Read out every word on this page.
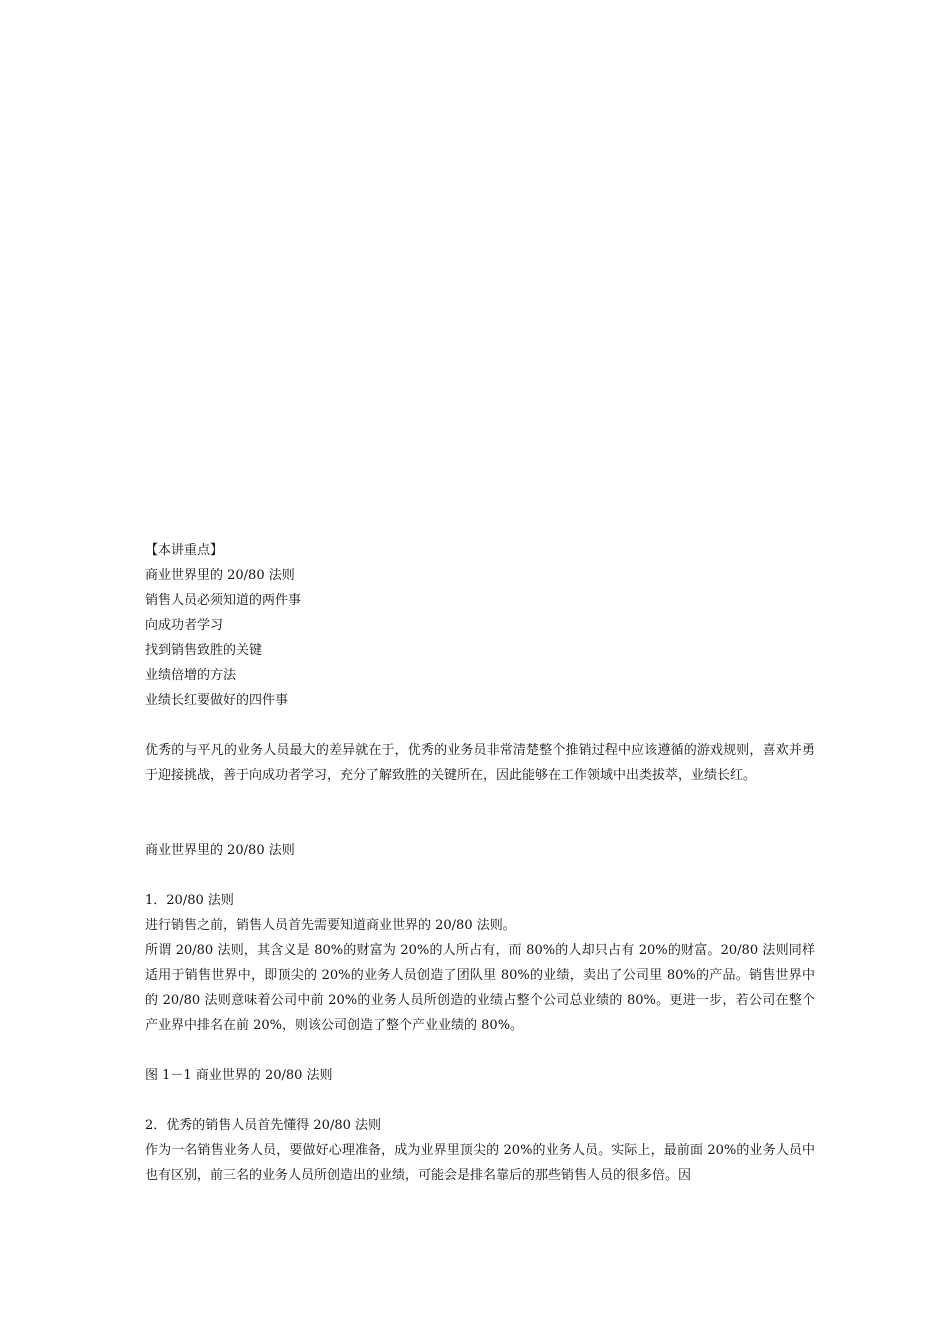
【本讲重点】
商业世界里的 20/80 法则
销售人员必须知道的两件事
向成功者学习
找到销售致胜的关键
业绩倍增的方法
业绩长红要做好的四件事
优秀的与平凡的业务人员最大的差异就在于，优秀的业务员非常清楚整个推销过程中应该遵循的游戏规则，喜欢并勇于迎接挑战，善于向成功者学习，充分了解致胜的关键所在，因此能够在工作领域中出类拔萃，业绩长红。
商业世界里的 20/80 法则
1．20/80 法则
进行销售之前，销售人员首先需要知道商业世界的 20/80 法则。
所谓 20/80 法则，其含义是 80%的财富为 20%的人所占有，而 80%的人却只占有 20%的财富。20/80 法则同样适用于销售世界中，即顶尖的 20%的业务人员创造了团队里 80%的业绩，卖出了公司里 80%的产品。销售世界中的 20/80 法则意味着公司中前 20%的业务人员所创造的业绩占整个公司总业绩的 80%。更进一步，若公司在整个产业界中排名在前 20%，则该公司创造了整个产业业绩的 80%。
图 1－1 商业世界的 20/80 法则
2．优秀的销售人员首先懂得 20/80 法则
作为一名销售业务人员，要做好心理准备，成为业界里顶尖的 20%的业务人员。实际上，最前面 20%的业务人员中也有区别，前三名的业务人员所创造出的业绩，可能会是排名靠后的那些销售人员的很多倍。因
